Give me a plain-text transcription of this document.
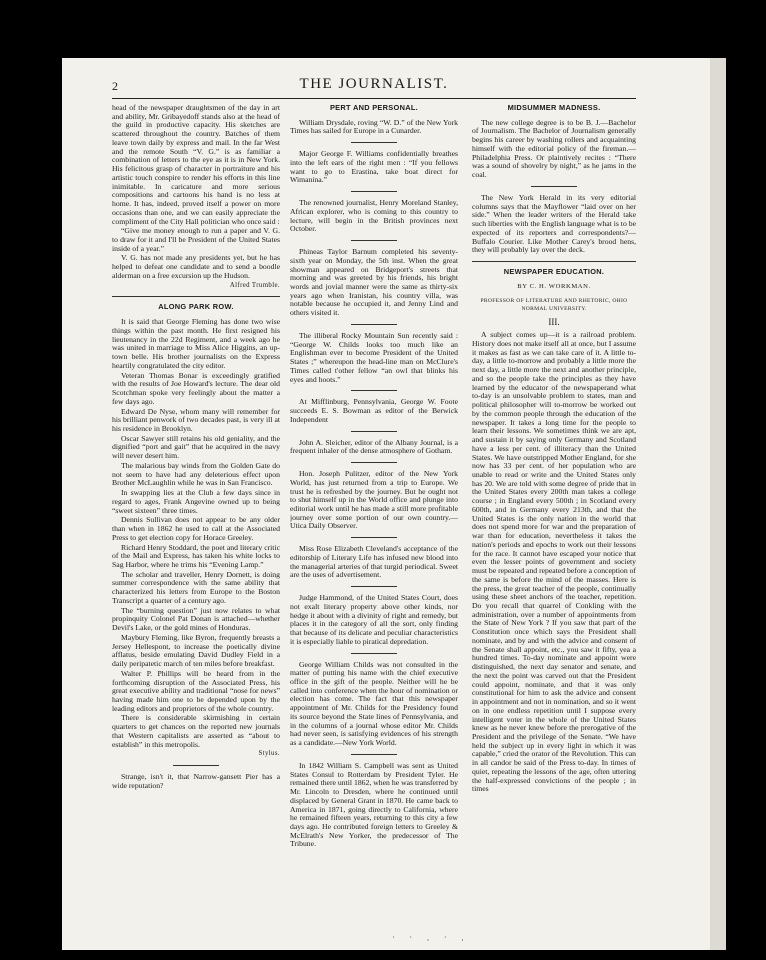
2	THE JOURNALIST.

head of the newspaper draughtsmen of the day in art and ability, Mr. Gribayedoff stands also at the head of the guild in productive capacity. His sketches are scattered throughout the country. Batches of them leave town daily by express and mail. In the far West and the remote South “V. G.” is as familiar a combination of letters to the eye as it is in New York. His felicitous grasp of character in portraiture and his artistic touch conspire to render his efforts in this line inimitable. In caricature and more serious compositions and cartoons his hand is no less at home. It has, indeed, proved itself a power on more occasions than one, and we can easily appreciate the compliment of the City Hall politician who once said :

“Give me money enough to run a paper and V. G. to draw for it and I'll be President of the United States inside of a year.”

V. G. has not made any presidents yet, but he has helped to defeat one candidate and to send a boodle alderman on a free excursion up the Hudson.

Alfred Trumble.

ALONG PARK ROW.

It is said that George Fleming has done two wise things within the past month. He first resigned his lieutenancy in the 22d Regiment, and a week ago he was united in marriage to Miss Alice Higgins, an up-town belle. His brother journalists on the Express heartily congratulated the city editor.

Veteran Thomas Bonar is exceedingly gratified with the results of Joe Howard's lecture. The dear old Scotchman spoke very feelingly about the matter a few days ago.

Edward De Nyse, whom many will remember for his brilliant penwork of two decades past, is very ill at his residence in Brooklyn.

Oscar Sawyer still retains his old geniality, and the dignified “port and gait” that he acquired in the navy will never desert him.

The malarious bay winds from the Golden Gate do not seem to have had any deleterious effect upon Brother McLaughlin while he was in San Francisco.

In swapping lies at the Club a few days since in regard to ages, Frank Angevine owned up to being “sweet sixteen” three times.

Dennis Sullivan does not appear to be any older than when in 1862 he used to call at the Associated Press to get election copy for Horace Greeley.

Richard Henry Stoddard, the poet and literary critic of the Mail and Express, has taken his white locks to Sag Harbor, where he trims his “Evening Lamp.”

The scholar and traveller, Henry Dornett, is doing summer correspondence with the same ability that characterized his letters from Europe to the Boston Transcript a quarter of a century ago.

The “burning question” just now relates to what propinquity Colonel Pat Donan is attached—whether Devil's Lake, or the gold mines of Honduras.

Maybury Fleming, like Byron, frequently breasts a Jersey Hellespont, to increase the poetically divine afflatus, beside emulating David Dudley Field in a daily peripatetic march of ten miles before breakfast.

Walter P. Phillips will be heard from in the forthcoming disruption of the Associated Press, his great executive ability and traditional “nose for news” having made him one to be depended upon by the leading editors and proprietors of the whole country.

There is considerable skirmishing in certain quarters to get chances on the reported new journals that Western capitalists are asserted as “about to establish” in this metropolis.

Stylus.

Strange, isn't it, that Narrow-gansett Pier has a wide reputation?

PERT AND PERSONAL.

William Drysdale, roving “W. D.” of the New York Times has sailed for Europe in a Cunarder.

Major George F. Williams confidentially breathes into the left ears of the right men : “If you fellows want to go to Erastina, take boat direct for Wimanina.”

The renowned journalist, Henry Moreland Stanley, African explorer, who is coming to this country to lecture, will begin in the British provinces next October.

Phineas Taylor Barnum completed his seventy-sixth year on Monday, the 5th inst. When the great showman appeared on Bridgeport's streets that morning and was greeted by his friends, his bright words and jovial manner were the same as thirty-six years ago when Iranistan, his country villa, was notable because he occupied it, and Jenny Lind and others visited it.

The illiberal Rocky Mountain Sun recently said : “George W. Childs looks too much like an Englishman ever to become President of the United States ;” whereupon the head-line man on McClure's Times called t'other fellow “an owl that blinks his eyes and hoots.”

At Mifflinburg, Pennsylvania, George W. Foote succeeds E. S. Bowman as editor of the Berwick Independent

John A. Sleicher, editor of the Albany Journal, is a frequent inhaler of the dense atmosphere of Gotham.

Hon. Joseph Pulitzer, editor of the New York World, has just returned from a trip to Europe. We trust he is refreshed by the journey. But he ought not to shut himself up in the World office and plunge into editorial work until he has made a still more profitable journey over some portion of our own country.—Utica Daily Observer.

Miss Rose Elizabeth Cleveland's acceptance of the editorship of Literary Life has infused new blood into the managerial arteries of that turgid periodical. Sweet are the uses of advertisement.

Judge Hammond, of the United States Court, does not exalt literary property above other kinds, nor hedge it about with a divinity of right and remedy, but places it in the category of all the sort, only finding that because of its delicate and peculiar characteristics it is especially liable to piratical depredation.

George William Childs was not consulted in the matter of putting his name with the chief executive office in the gift of the people. Neither will he be called into conference when the hour of nomination or election has come. The fact that this newspaper appointment of Mr. Childs for the Presidency found its source beyond the State lines of Pennsylvania, and in the columns of a journal whose editor Mr. Childs had never seen, is satisfying evidences of his strength as a candidate.—New York World.

In 1842 William S. Campbell was sent as United States Consul to Rotterdam by President Tyler. He remained there until 1862, when he was transferred by Mr. Lincoln to Dresden, where he continued until displaced by General Grant in 1870. He came back to America in 1871, going directly to California, where he remained fifteen years, returning to this city a few days ago. He contributed foreign letters to Greeley & McElrath's New Yorker, the predecessor of The Tribune.

MIDSUMMER MADNESS.

The new college degree is to be B. J.—Bachelor of Journalism. The Bachelor of Journalism generally begins his career by washing rollers and acquainting himself with the editorial policy of the fireman.—Philadelphia Press. Or plaintively recites : “There was a sound of shovelry by night,” as he jams in the coal.

The New York Herald in its very editorial columns says that the Mayflower “laid over on her side.” When the leader writers of the Herald take such liberties with the English language what is to be expected of its reporters and correspondents?—Buffalo Courier. Like Mother Carey's brood hens, they will probably lay over the deck.

NEWSPAPER EDUCATION.

BY C. H. WORKMAN.

PROFESSOR OF LITERATURE AND RHETORIC, OHIO NORMAL UNIVERSITY.

III.

A subject comes up—it is a railroad problem. History does not make itself all at once, but I assume it makes as fast as we can take care of it. A little to-day, a little to-morrow and probably a little more the next day, a little more the next and another principle, and so the people take the principles as they have learned by the educator of the newspaperand what to-day is an unsolvable problem to states, man and political philosopher will to-morrow be worked out by the common people through the education of the newspaper. It takes a long time for the people to learn their lessons. We sometimes think we are apt, and sustain it by saying only Germany and Scotland have a less per cent. of illiteracy than the United States. We have outstripped Mother England, for she now has 33 per cent. of her population who are unable to read or write and the United States only has 20. We are told with some degree of pride that in the United States every 200th man takes a college course ; in England every 500th ; in Scotland every 600th, and in Germany every 213th, and that the United States is the only nation in the world that does not spend more for war and the preparation of war than for education, nevertheless it takes the nation's periods and epochs to work out their lessons for the race. It cannot have escaped your notice that even the lesser points of government and society must be repeated and repeated before a conception of the same is before the mind of the masses. Here is the press, the great teacher of the people, continually using these sheet anchors of the teacher, repetition. Do you recall that quarrel of Conkling with the administration, over a number of appointments from the State of New York ? If you saw that part of the Constitution once which says the President shall nominate, and by and with the advice and consent of the Senate shall appoint, etc., you saw it fifty, yea a hundred times. To-day nominate and appoint were distinguished, the next day senator and senate, and the next the point was carved out that the President could appoint, nominate, and that it was only constitutional for him to ask the advice and consent in appointment and not in nomination, and so it went on in one endless repetition until I suppose every intelligent voter in the whole of the United States knew as he never knew before the prerogative of the President and the privilege of the Senate. “We have held the subject up in every light in which it was capable,” cried the orator of the Revolution. This can in all candor be said of the Press to-day. In times of quiet, repeating the lessons of the age, often uttering the half-expressed convictions of the people ; in times

˙ ˙ · ˙ ·
